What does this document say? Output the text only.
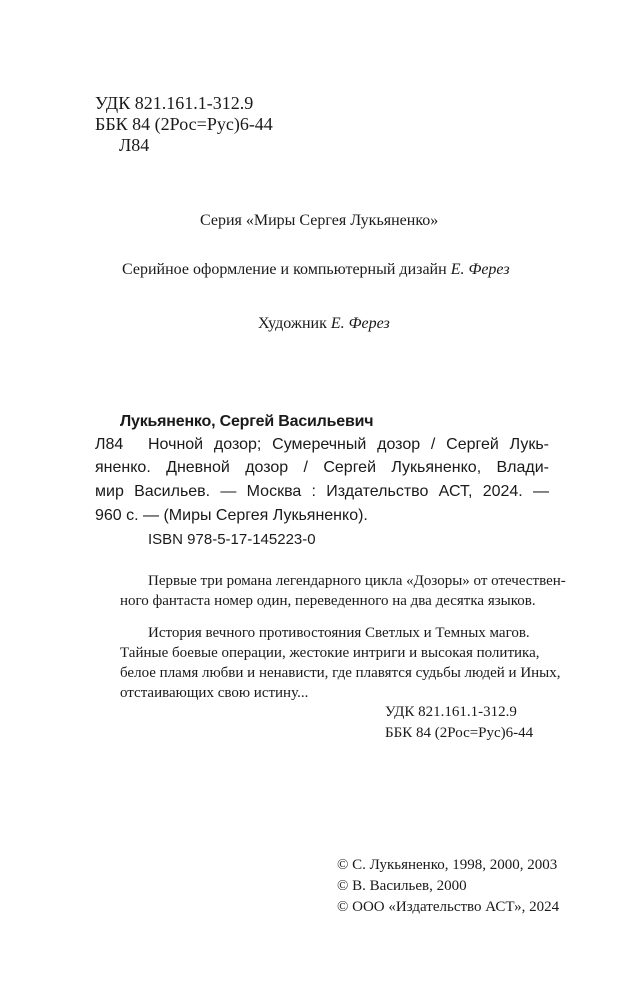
УДК 821.161.1-312.9
ББК 84 (2Рос=Рус)6-44
Л84
Серия «Миры Сергея Лукьяненко»
Серийное оформление и компьютерный дизайн Е. Ферез
Художник Е. Ферез
Лукьяненко, Сергей Васильевич
Л84 Ночной дозор; Сумеречный дозор / Сергей Лукь-
яненко. Дневной дозор / Сергей Лукьяненко, Влади-
мир Васильев. — Москва : Издательство АСТ, 2024. —
960 с. — (Миры Сергея Лукьяненко).
ISBN 978-5-17-145223-0
Первые три романа легендарного цикла «Дозоры» от отечествен-
ного фантаста номер один, переведенного на два десятка языков.
История вечного противостояния Светлых и Темных магов.
Тайные боевые операции, жестокие интриги и высокая политика,
белое пламя любви и ненависти, где плавятся судьбы людей и Иных,
отстаивающих свою истину...
УДК 821.161.1-312.9
ББК 84 (2Рос=Рус)6-44
© С. Лукьяненко, 1998, 2000, 2003
© В. Васильев, 2000
© ООО «Издательство АСТ», 2024
